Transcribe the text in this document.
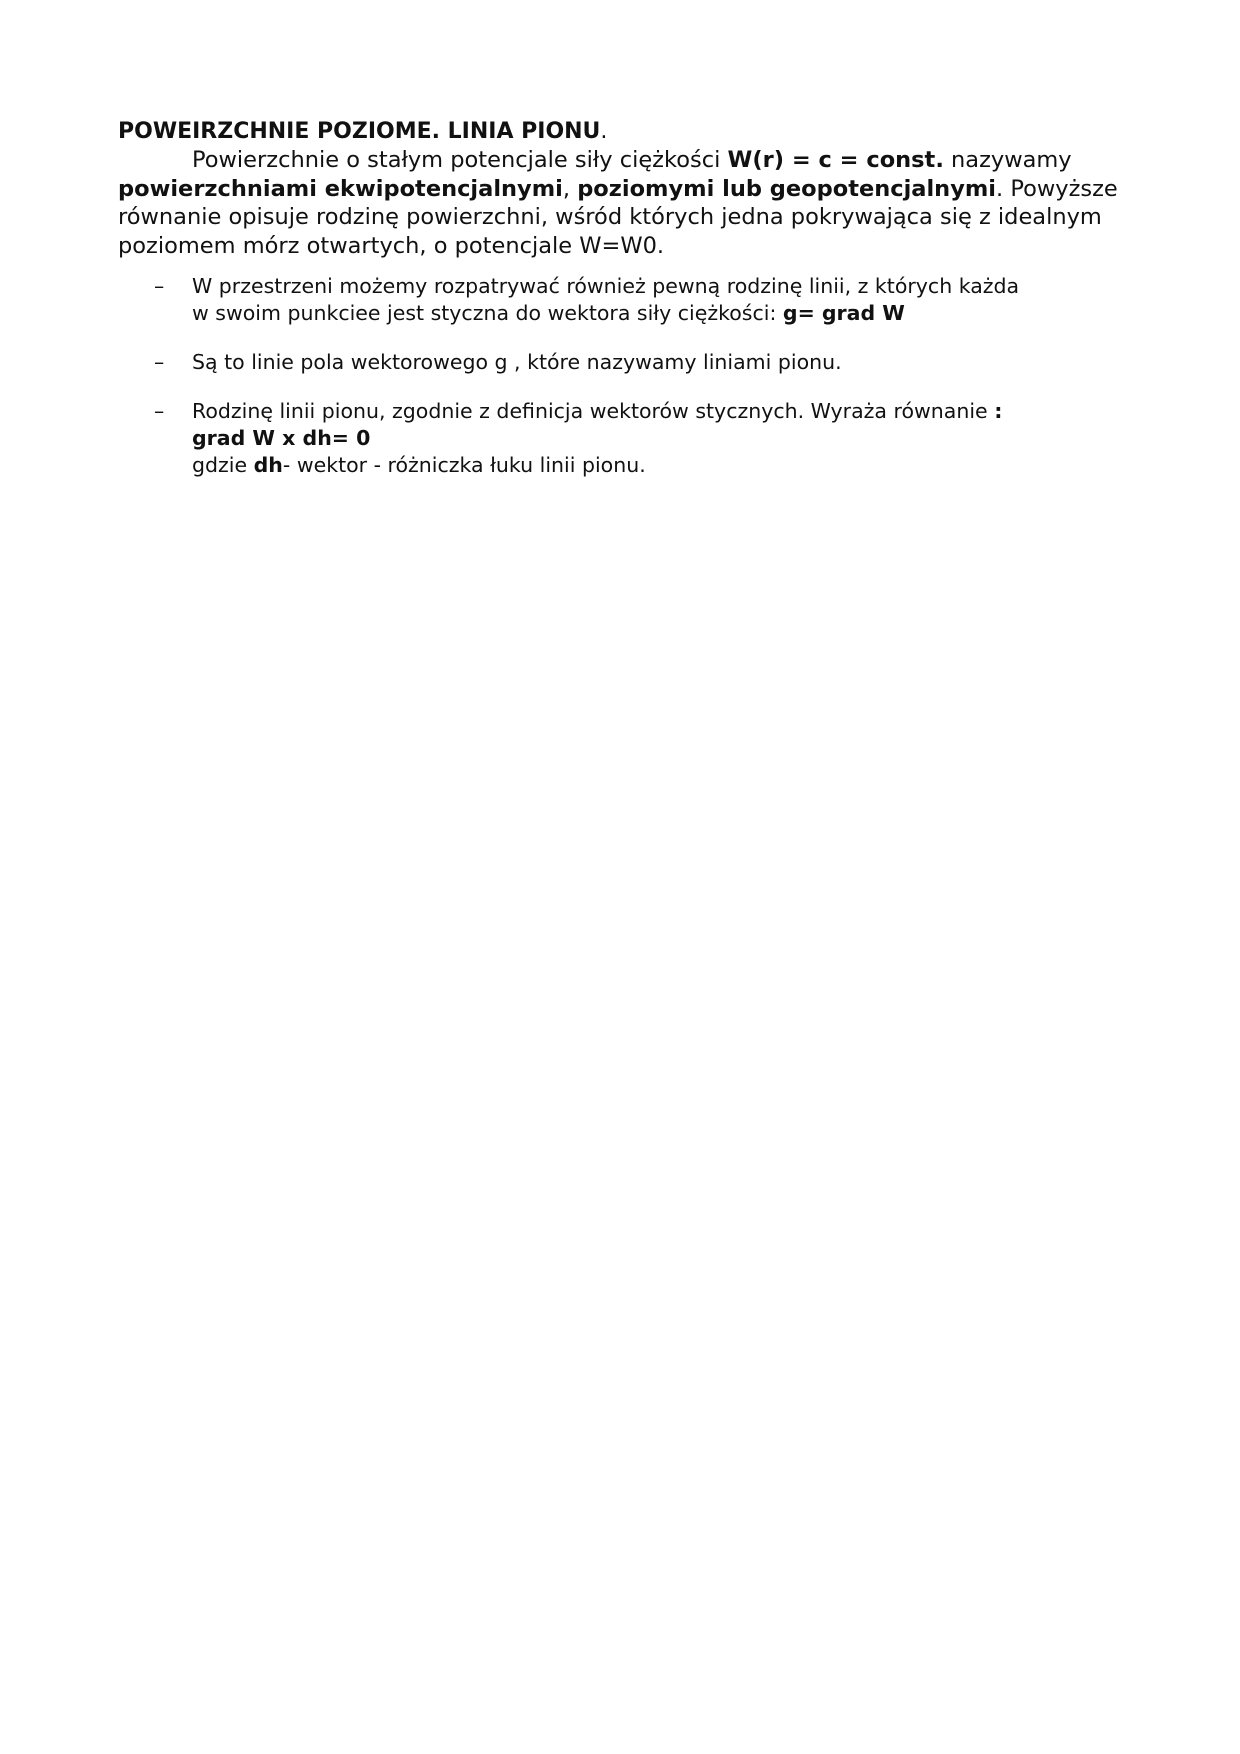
POWEIRZCHNIE POZIOME. LINIA PIONU.

Powierzchnie o stałym potencjale siły ciężkości W(r) = c = const. nazywamy powierzchniami ekwipotencjalnymi, poziomymi lub geopotencjalnymi. Powyższe równanie opisuje rodzinę powierzchni, wśród których jedna pokrywająca się z idealnym poziomem mórz otwartych, o potencjale W=W0.

– W przestrzeni możemy rozpatrywać również pewną rodzinę linii, z których każda
w swoim punkciee jest styczna do wektora siły ciężkości: g= grad W
– Są to linie pola wektorowego g , które nazywamy liniami pionu.
– Rodzinę linii pionu, zgodnie z definicja wektorów stycznych. Wyraża równanie :
grad W x dh= 0
gdzie dh- wektor - różniczka łuku linii pionu.
